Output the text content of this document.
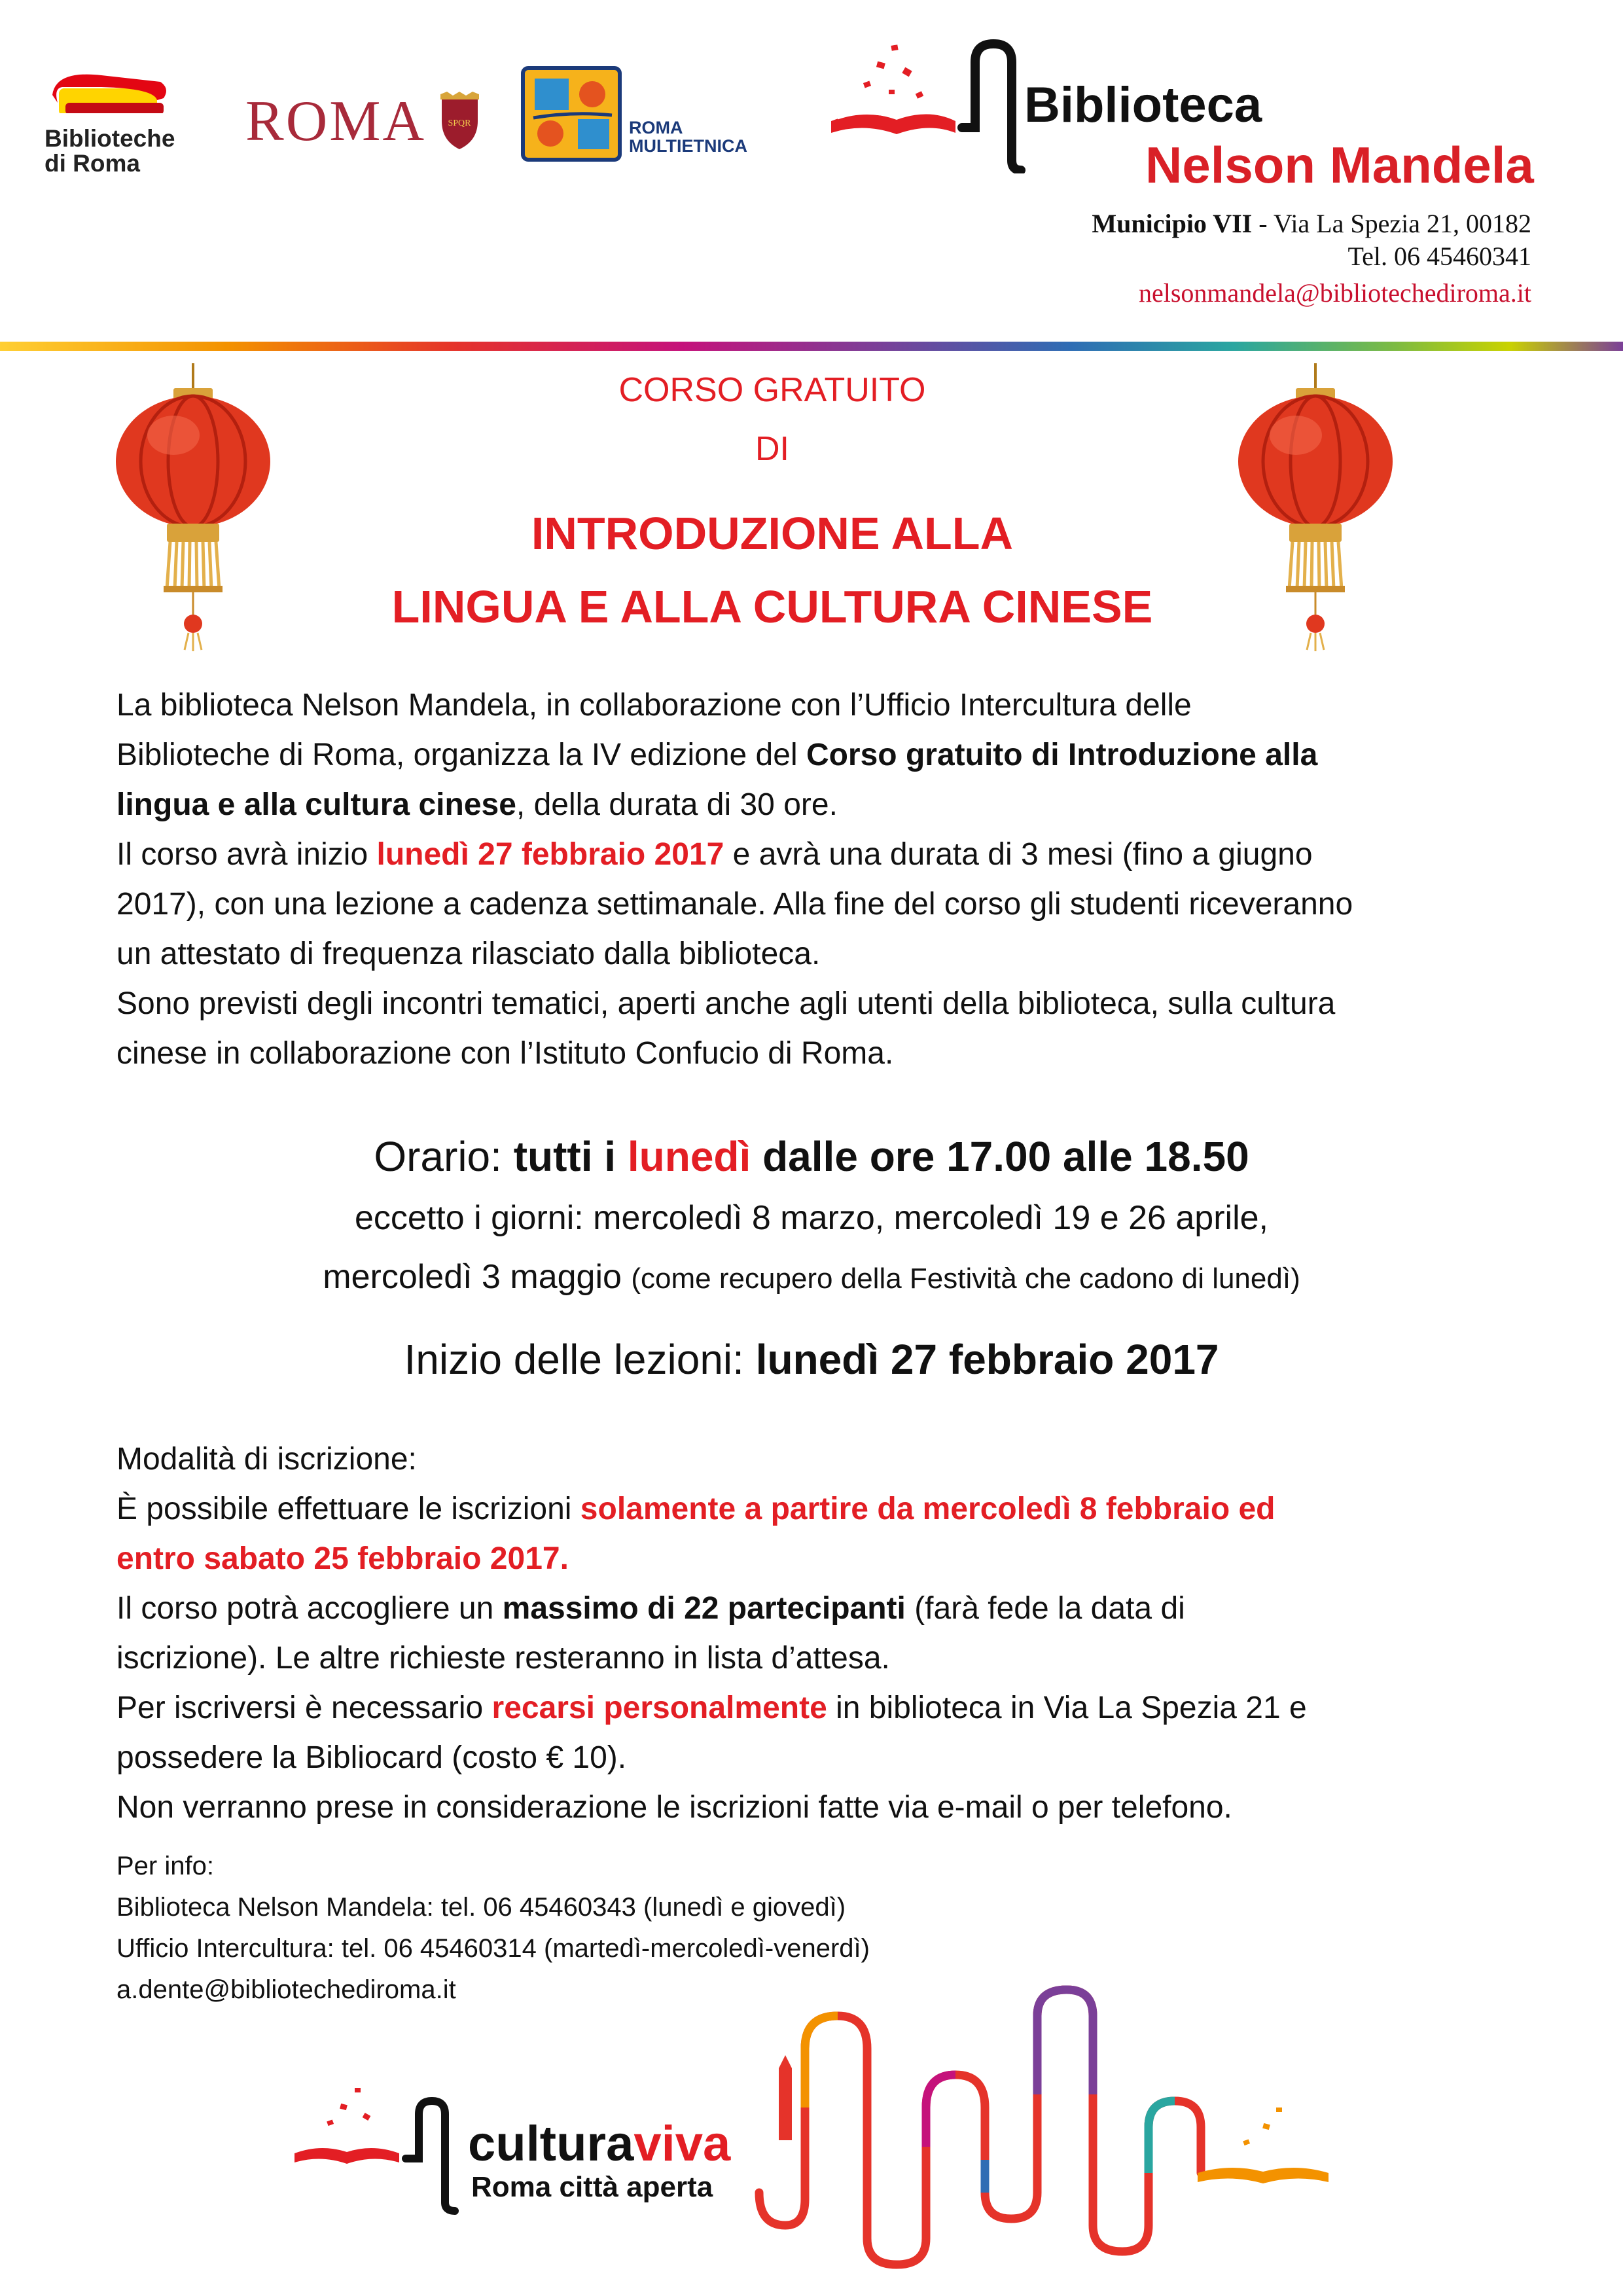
Biblioteche
di Roma
ROMA SPQR	ROMA
MULTIETNICA
Biblioteca
Nelson Mandela
Municipio VII - Via La Spezia 21, 00182
Tel. 06 45460341
nelsonmandela@bibliotechediroma.it
CORSO GRATUITO
DI
INTRODUZIONE ALLA
LINGUA E ALLA CULTURA CINESE

La biblioteca Nelson Mandela, in collaborazione con l’Ufficio Intercultura delle

Biblioteche di Roma, organizza la IV edizione del Corso gratuito di Introduzione alla

lingua e alla cultura cinese, della durata di 30 ore.

Il corso avrà inizio lunedì 27 febbraio 2017 e avrà una durata di 3 mesi (fino a giugno

2017), con una lezione a cadenza settimanale. Alla fine del corso gli studenti riceveranno

un attestato di frequenza rilasciato dalla biblioteca.

Sono previsti degli incontri tematici, aperti anche agli utenti della biblioteca, sulla cultura

cinese in collaborazione con l’Istituto Confucio di Roma.

Orario: tutti i lunedì dalle ore 17.00 alle 18.50
eccetto i giorni: mercoledì 8 marzo, mercoledì 19 e 26 aprile,
mercoledì 3 maggio (come recupero della Festività che cadono di lunedì)
Inizio delle lezioni: lunedì 27 febbraio 2017

Modalità di iscrizione:

È possibile effettuare le iscrizioni solamente a partire da mercoledì 8 febbraio ed

entro sabato 25 febbraio 2017.

Il corso potrà accogliere un massimo di 22 partecipanti (farà fede la data di

iscrizione). Le altre richieste resteranno in lista d’attesa.

Per iscriversi è necessario recarsi personalmente in biblioteca in Via La Spezia 21 e

possedere la Bibliocard (costo € 10).

Non verranno prese in considerazione le iscrizioni fatte via e-mail o per telefono.

Per info:

Biblioteca Nelson Mandela: tel. 06 45460343 (lunedì e giovedì)

Ufficio Intercultura: tel. 06 45460314 (martedì-mercoledì-venerdì)

a.dente@bibliotechediroma.it

culturaviva
Roma città aperta
